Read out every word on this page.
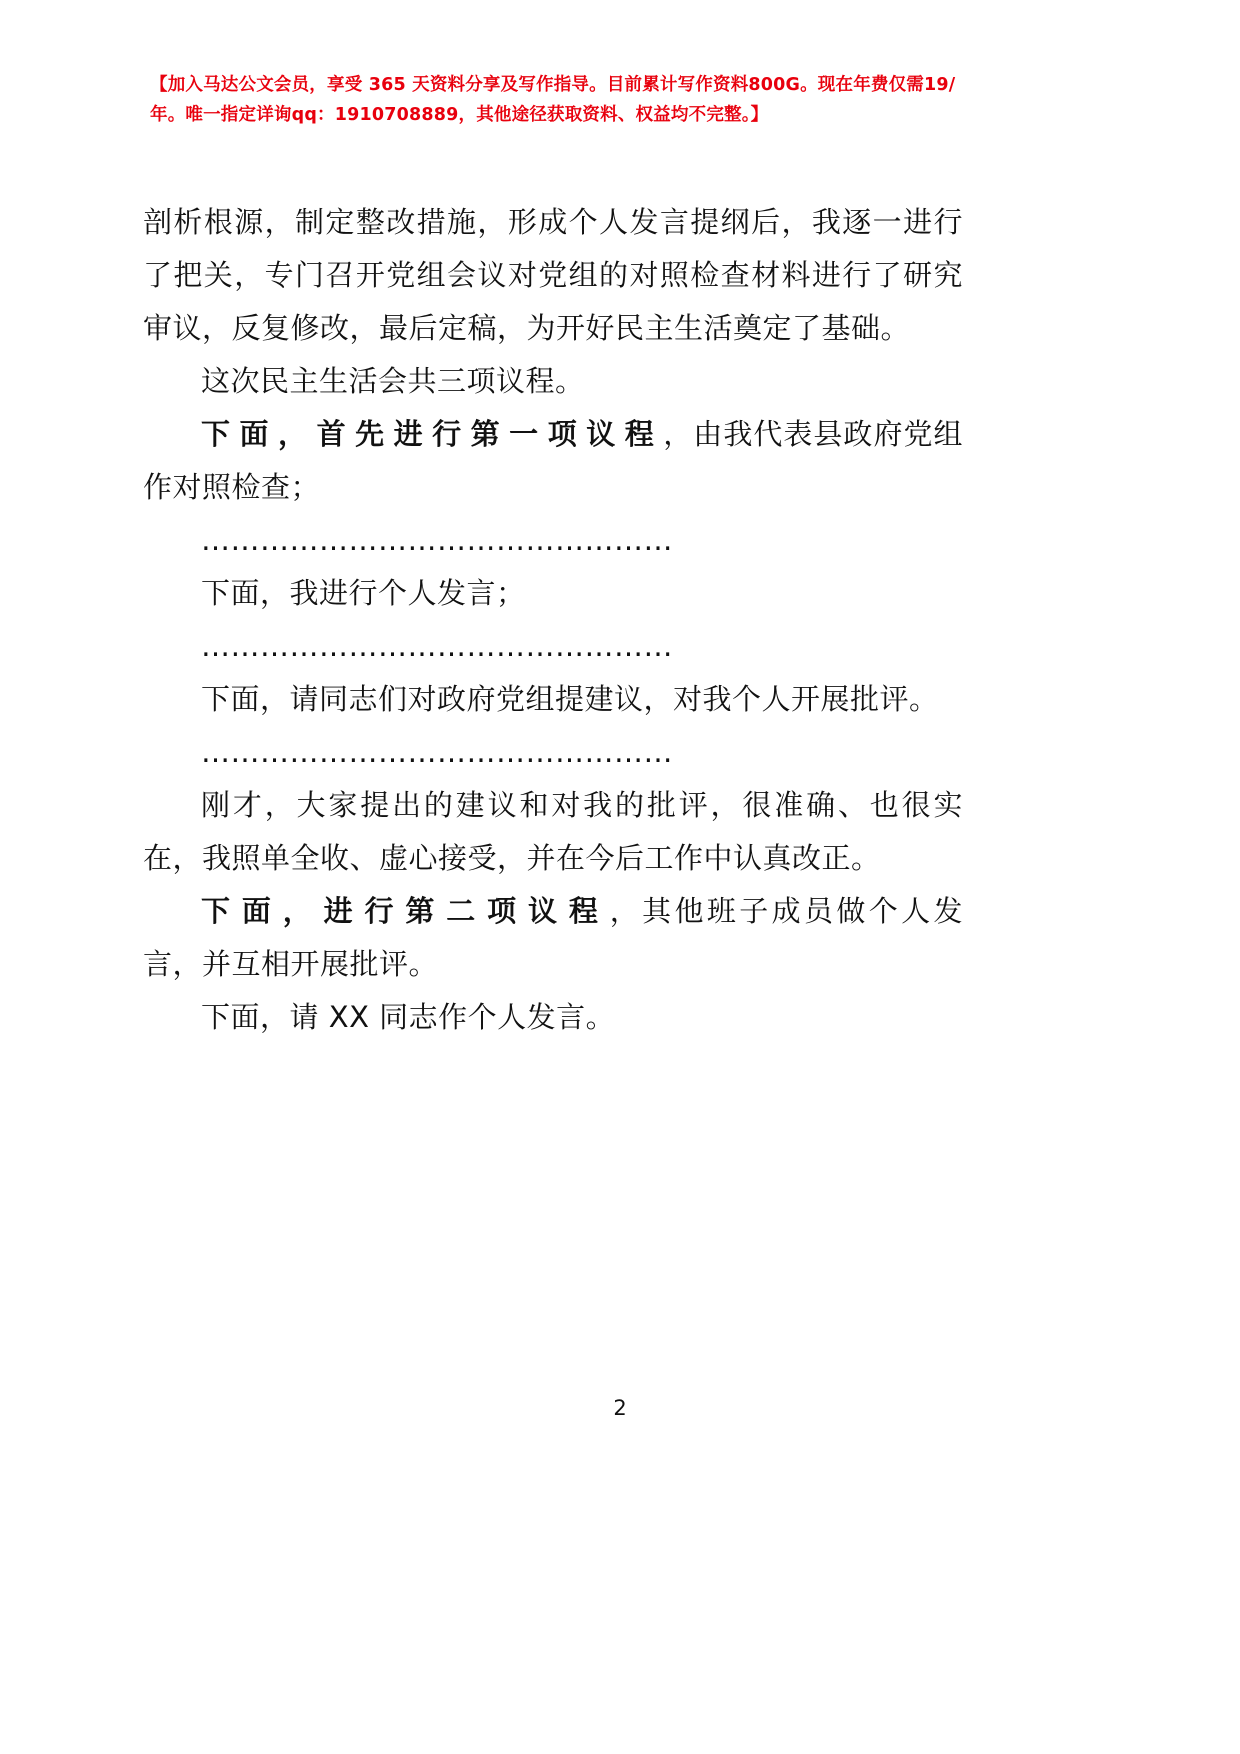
【加入马达公文会员，享受 365 天资料分享及写作指导。目前累计写作资料800G。现在年费仅需19/年。唯一指定详询qq：1910708889，其他途径获取资料、权益均不完整。】

剖析根源，制定整改措施，形成个人发言提纲后，我逐一进行了把关，专门召开党组会议对党组的对照检查材料进行了研究审议，反复修改，最后定稿，为开好民主生活奠定了基础。

这次民主生活会共三项议程。

下面，首先进行第一项议程，由我代表县政府党组作对照检查；

…………………………………………

下面，我进行个人发言；

…………………………………………

下面，请同志们对政府党组提建议，对我个人开展批评。

…………………………………………

刚才，大家提出的建议和对我的批评，很准确、也很实在，我照单全收、虚心接受，并在今后工作中认真改正。

下面，进行第二项议程，其他班子成员做个人发言，并互相开展批评。

下面，请 XX 同志作个人发言。

2
